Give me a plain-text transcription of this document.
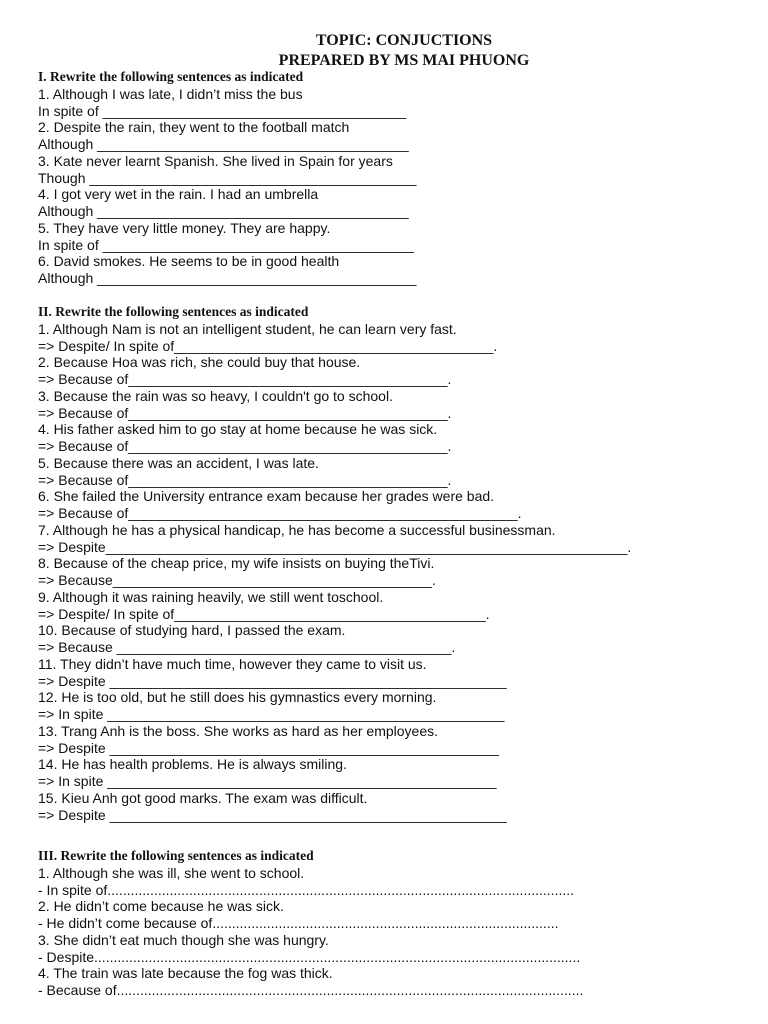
TOPIC: CONJUCTIONS
PREPARED BY MS MAI PHUONG
I. Rewrite the following sentences as indicated
1. Although I was late, I didn’t miss the bus
In spite of _______________________________________
2. Despite the rain, they went to the football match
Although ________________________________________
3. Kate never learnt Spanish. She lived in Spain for years
Though __________________________________________
4. I got very wet in the rain. I had an umbrella
Although ________________________________________
5. They have very little money. They are happy.
In spite of ________________________________________
6. David smokes. He seems to be in good health
Although _________________________________________
II. Rewrite the following sentences as indicated
1. Although Nam is not an intelligent student, he can learn very fast.
=> Despite/ In spite of_________________________________________.
2. Because Hoa was rich, she could buy that house.
=> Because of_________________________________________.
3. Because the rain was so heavy, I couldn't go to school.
=> Because of_________________________________________.
4. His father asked him to go stay at home because he was sick.
=> Because of_________________________________________.
5. Because there was an accident, I was late.
=> Because of_________________________________________.
6. She failed the University entrance exam because her grades were bad.
=> Because of__________________________________________________.
7. Although he has a physical handicap, he has become a successful businessman.
=> Despite___________________________________________________________________.
8. Because of the cheap price, my wife insists on buying theTivi.
=> Because_________________________________________.
9. Although it was raining heavily, we still went toschool.
=> Despite/ In spite of________________________________________.
10. Because of studying hard, I passed the exam.
=> Because ___________________________________________.
11. They didn’t have much time, however they came to visit us.
=> Despite ___________________________________________________
12. He is too old, but he still does his gymnastics every morning.
=> In spite ___________________________________________________
13. Trang Anh is the boss. She works as hard as her employees.
=> Despite __________________________________________________
14. He has health problems. He is always smiling.
=> In spite __________________________________________________
15. Kieu Anh got good marks. The exam was difficult.
=> Despite ___________________________________________________
III. Rewrite the following sentences as indicated
1. Although she was ill, she went to school.
- In spite of........................................................................................................................
2. He didn’t come because he was sick.
- He didn’t come because of.........................................................................................
3. She didn’t eat much though she was hungry.
- Despite.............................................................................................................................
4. The train was late because the fog was thick.
- Because of........................................................................................................................
